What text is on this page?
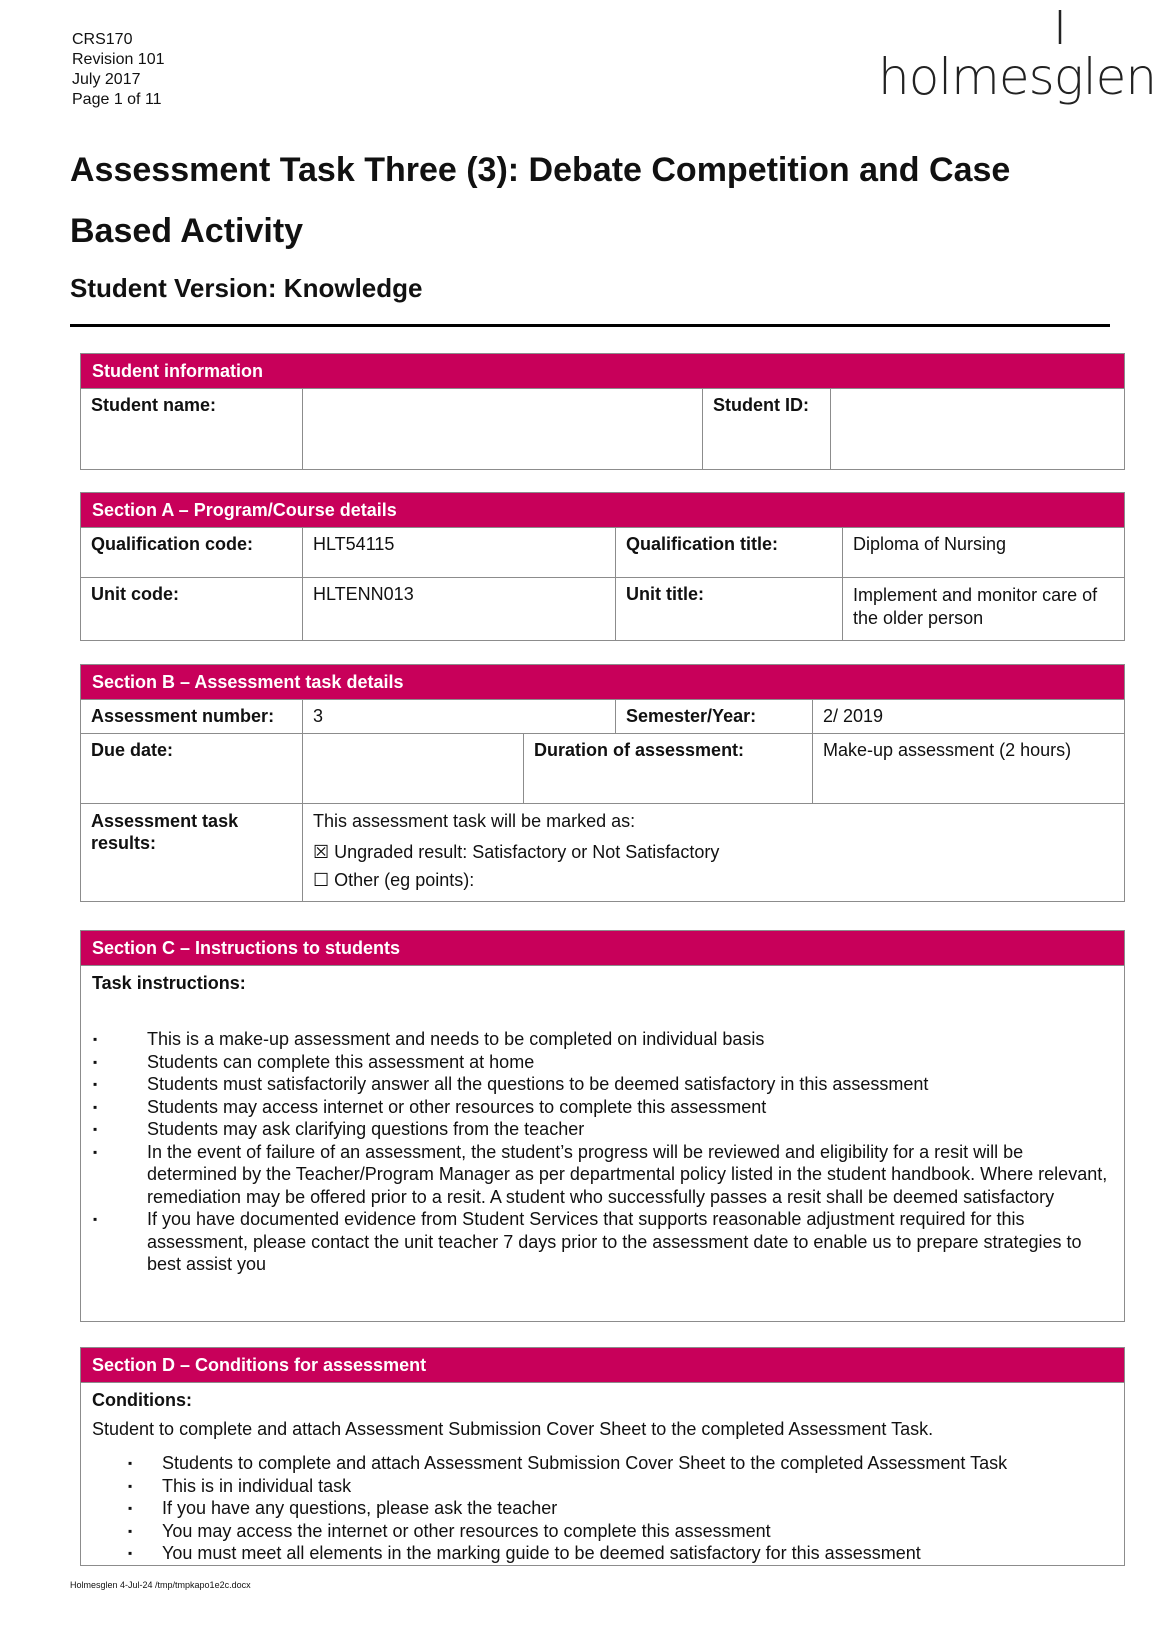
CRS170
Revision 101
July 2017
Page 1 of 11	holmesglen
Assessment Task Three (3): Debate Competition and Case Based Activity
Student Version: Knowledge
Student information
Student name:		Student ID:	
Section A – Program/Course details			
Qualification code:	HLT54115	Qualification title:	Diploma of Nursing
Unit code:	HLTENN013	Unit title:	Implement and monitor care of the older person
Section B – Assessment task details				
Assessment number:	3		Semester/Year:	2/ 2019
Due date:		Duration of assessment:		Make-up assessment (2 hours)
Assessment task results:	This assessment task will be marked as:
☒ Ungraded result: Satisfactory or Not Satisfactory
☐ Other (eg points):			
Section C – Instructions to students

Task instructions:
▪	This is a make-up assessment and needs to be completed on individual basis
▪	Students can complete this assessment at home
▪	Students must satisfactorily answer all the questions to be deemed satisfactory in this assessment
▪	Students may access internet or other resources to complete this assessment
▪	Students may ask clarifying questions from the teacher
▪	In the event of failure of an assessment, the student’s progress will be reviewed and eligibility for a resit will be determined by the Teacher/Program Manager as per departmental policy listed in the student handbook. Where relevant, remediation may be offered prior to a resit. A student who successfully passes a resit shall be deemed satisfactory
▪	If you have documented evidence from Student Services that supports reasonable adjustment required for this assessment, please contact the unit teacher 7 days prior to the assessment date to enable us to prepare strategies to best assist you
Section D – Conditions for assessment

Conditions:
Student to complete and attach Assessment Submission Cover Sheet to the completed Assessment Task.
▪ Students to complete and attach Assessment Submission Cover Sheet to the completed Assessment Task
▪ This is in individual task
▪ If you have any questions, please ask the teacher
▪ You may access the internet or other resources to complete this assessment
▪ You must meet all elements in the marking guide to be deemed satisfactory for this assessment
Holmesglen 4-Jul-24 /tmp/tmpkapo1e2c.docx
